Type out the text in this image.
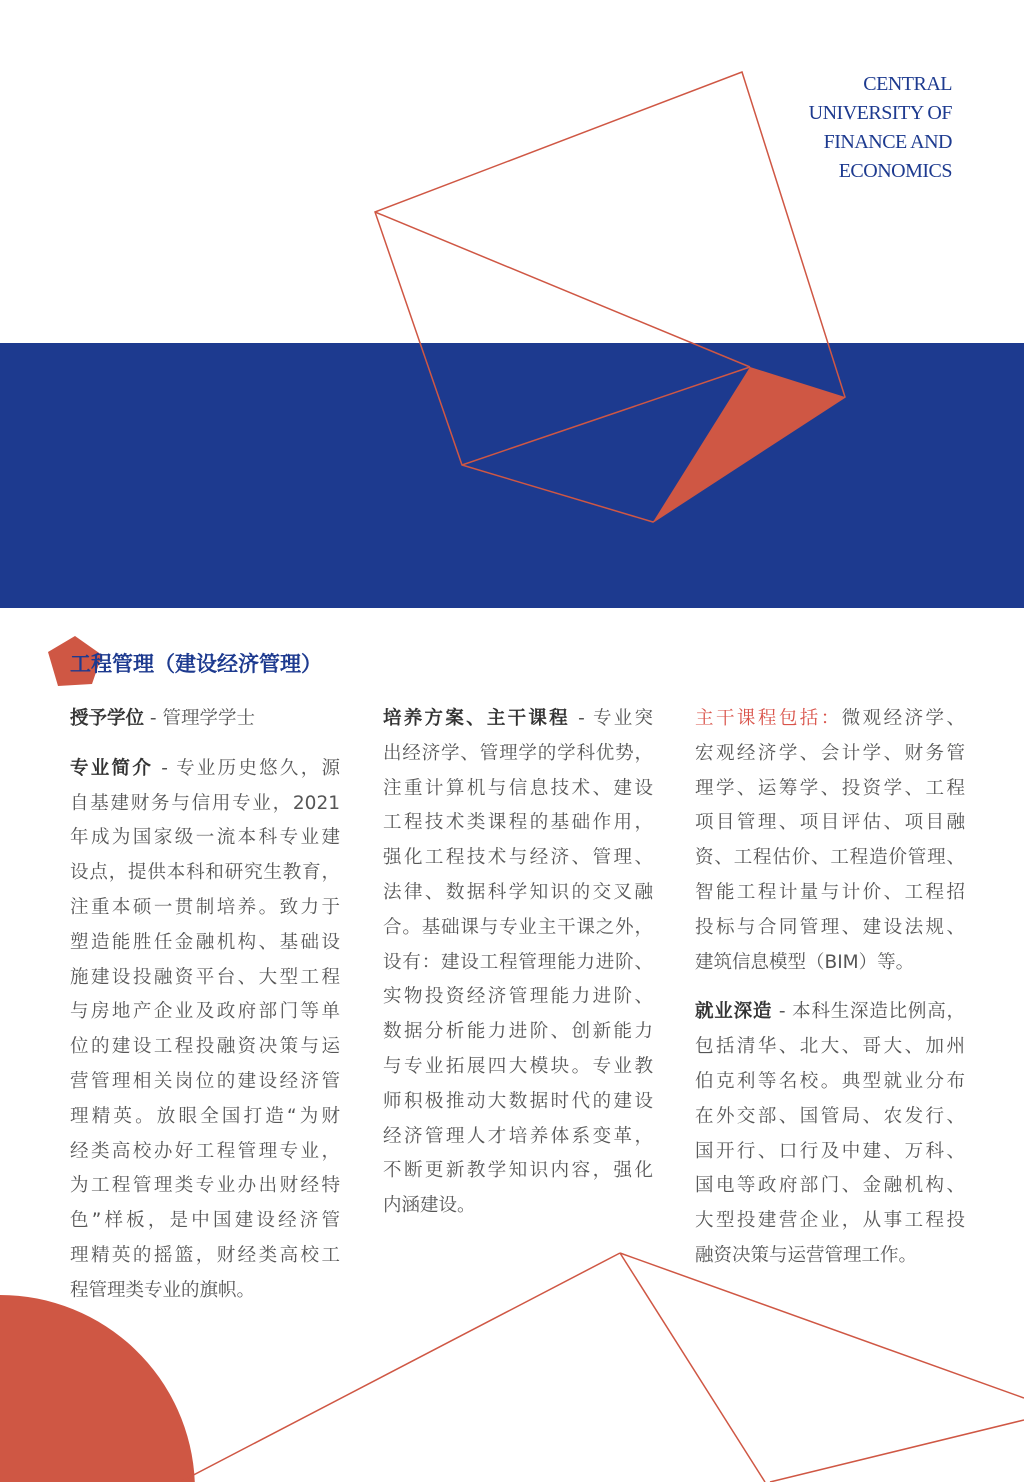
CENTRAL
UNIVERSITY OF
FINANCE AND
ECONOMICS
工程管理（建设经济管理）

授予学位 - 管理学学士

专业简介 - 专业历史悠久，源
自基建财务与信用专业，2021
年成为国家级一流本科专业建
设点，提供本科和研究生教育，
注重本硕一贯制培养。致力于
塑造能胜任金融机构、基础设
施建设投融资平台、大型工程
与房地产企业及政府部门等单
位的建设工程投融资决策与运
营管理相关岗位的建设经济管
理精英。放眼全国打造“为财
经类高校办好工程管理专业，
为工程管理类专业办出财经特
色”样板，是中国建设经济管
理精英的摇篮，财经类高校工
程管理类专业的旗帜。

培养方案、主干课程 - 专业突
出经济学、管理学的学科优势，
注重计算机与信息技术、建设
工程技术类课程的基础作用，
强化工程技术与经济、管理、
法律、数据科学知识的交叉融
合。基础课与专业主干课之外，
设有：建设工程管理能力进阶、
实物投资经济管理能力进阶、
数据分析能力进阶、创新能力
与专业拓展四大模块。专业教
师积极推动大数据时代的建设
经济管理人才培养体系变革，
不断更新教学知识内容，强化
内涵建设。

主干课程包括：微观经济学、
宏观经济学、会计学、财务管
理学、运筹学、投资学、工程
项目管理、项目评估、项目融
资、工程估价、工程造价管理、
智能工程计量与计价、工程招
投标与合同管理、建设法规、
建筑信息模型（BIM）等。

就业深造 - 本科生深造比例高，
包括清华、北大、哥大、加州
伯克利等名校。典型就业分布
在外交部、国管局、农发行、
国开行、口行及中建、万科、
国电等政府部门、金融机构、
大型投建营企业，从事工程投
融资决策与运营管理工作。
